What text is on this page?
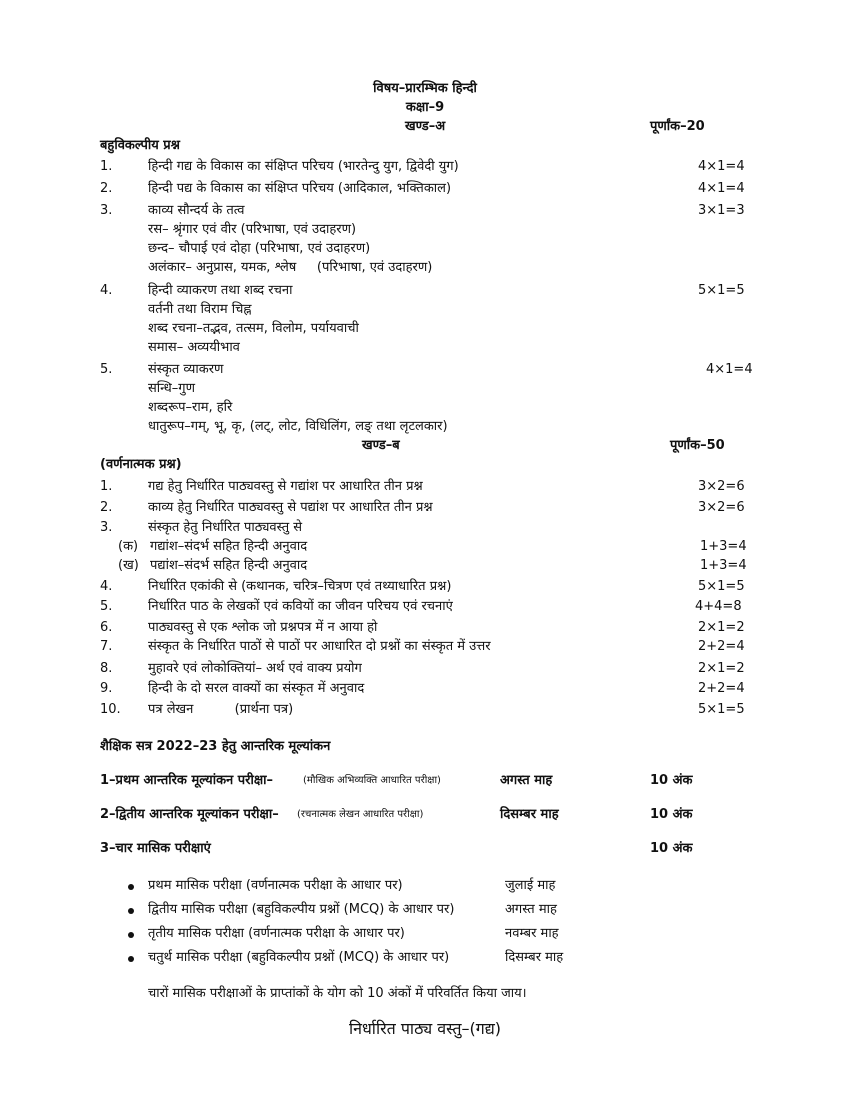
विषय–प्रारम्भिक हिन्दी
कक्षा–9
खण्ड–अ	पूर्णांक–20
बहुविकल्पीय प्रश्न
1.	हिन्दी गद्य के विकास का संक्षिप्त परिचय (भारतेन्दु युग, द्विवेदी युग)	4×1=4
2.	हिन्दी पद्य के विकास का संक्षिप्त परिचय (आदिकाल, भक्तिकाल)	4×1=4
3.	काव्य सौन्दर्य के तत्व	3×1=3
रस– श्रृंगार एवं वीर (परिभाषा, एवं उदाहरण)
छन्द– चौपाई एवं दोहा (परिभाषा, एवं उदाहरण)
अलंकार– अनुप्रास, यमक, श्लेष     (परिभाषा, एवं उदाहरण)
4.	हिन्दी व्याकरण तथा शब्द रचना	5×1=5
वर्तनी तथा विराम चिह्न
शब्द रचना–तद्भव, तत्सम, विलोम, पर्यायवाची
समास– अव्ययीभाव
5.	संस्कृत व्याकरण	4×1=4
सन्धि–गुण
शब्दरूप–राम, हरि
धातुरूप–गम्, भू, कृ, (लट्, लोट, विधिलिंग, लङ् तथा लृटलकार)
खण्ड–ब	पूर्णांक–50
(वर्णनात्मक प्रश्न)
1.	गद्य हेतु निर्धारित पाठ्यवस्तु से गद्यांश पर आधारित तीन प्रश्न	3×2=6
2.	काव्य हेतु निर्धारित पाठ्यवस्तु से पद्यांश पर आधारित तीन प्रश्न	3×2=6
3.	संस्कृत हेतु निर्धारित पाठ्यवस्तु से
(क) गद्यांश–संदर्भ सहित हिन्दी अनुवाद	1+3=4
(ख) पद्यांश–संदर्भ सहित हिन्दी अनुवाद	1+3=4
4.	निर्धारित एकांकी से (कथानक, चरित्र–चित्रण एवं तथ्याधारित प्रश्न)	5×1=5
5.	निर्धारित पाठ के लेखकों एवं कवियों का जीवन परिचय एवं रचनाएं	4+4=8
6.	पाठ्यवस्तु से एक श्लोक जो प्रश्नपत्र में न आया हो	2×1=2
7.	संस्कृत के निर्धारित पाठों से पाठों पर आधारित दो प्रश्नों का संस्कृत में उत्तर	2+2=4
8.	मुहावरे एवं लोकोक्तियां– अर्थ एवं वाक्य प्रयोग	2×1=2
9.	हिन्दी के दो सरल वाक्यों का संस्कृत में अनुवाद	2+2=4
10. पत्र लेखन          (प्रार्थना पत्र)	5×1=5
शैक्षिक सत्र 2022–23 हेतु आन्तरिक मूल्यांकन
1–प्रथम आन्तरिक मूल्यांकन परीक्षा–	(मौखिक अभिव्यक्ति आधारित परीक्षा)	अगस्त माह	10 अंक
2–द्वितीय आन्तरिक मूल्यांकन परीक्षा– (रचनात्मक लेखन आधारित परीक्षा)	दिसम्बर माह	10 अंक
3–चार मासिक परीक्षाएं	10 अंक
प्रथम मासिक परीक्षा (वर्णनात्मक परीक्षा के आधार पर)	जुलाई माह
द्वितीय मासिक परीक्षा (बहुविकल्पीय प्रश्नों (MCQ) के आधार पर)	अगस्त माह
तृतीय मासिक परीक्षा (वर्णनात्मक परीक्षा के आधार पर)	नवम्बर माह
चतुर्थ मासिक परीक्षा (बहुविकल्पीय प्रश्नों (MCQ) के आधार पर)	दिसम्बर माह
चारों मासिक परीक्षाओं के प्राप्तांकों के योग को 10 अंकों में परिवर्तित किया जाय।
निर्धारित पाठ्य वस्तु–(गद्य)
